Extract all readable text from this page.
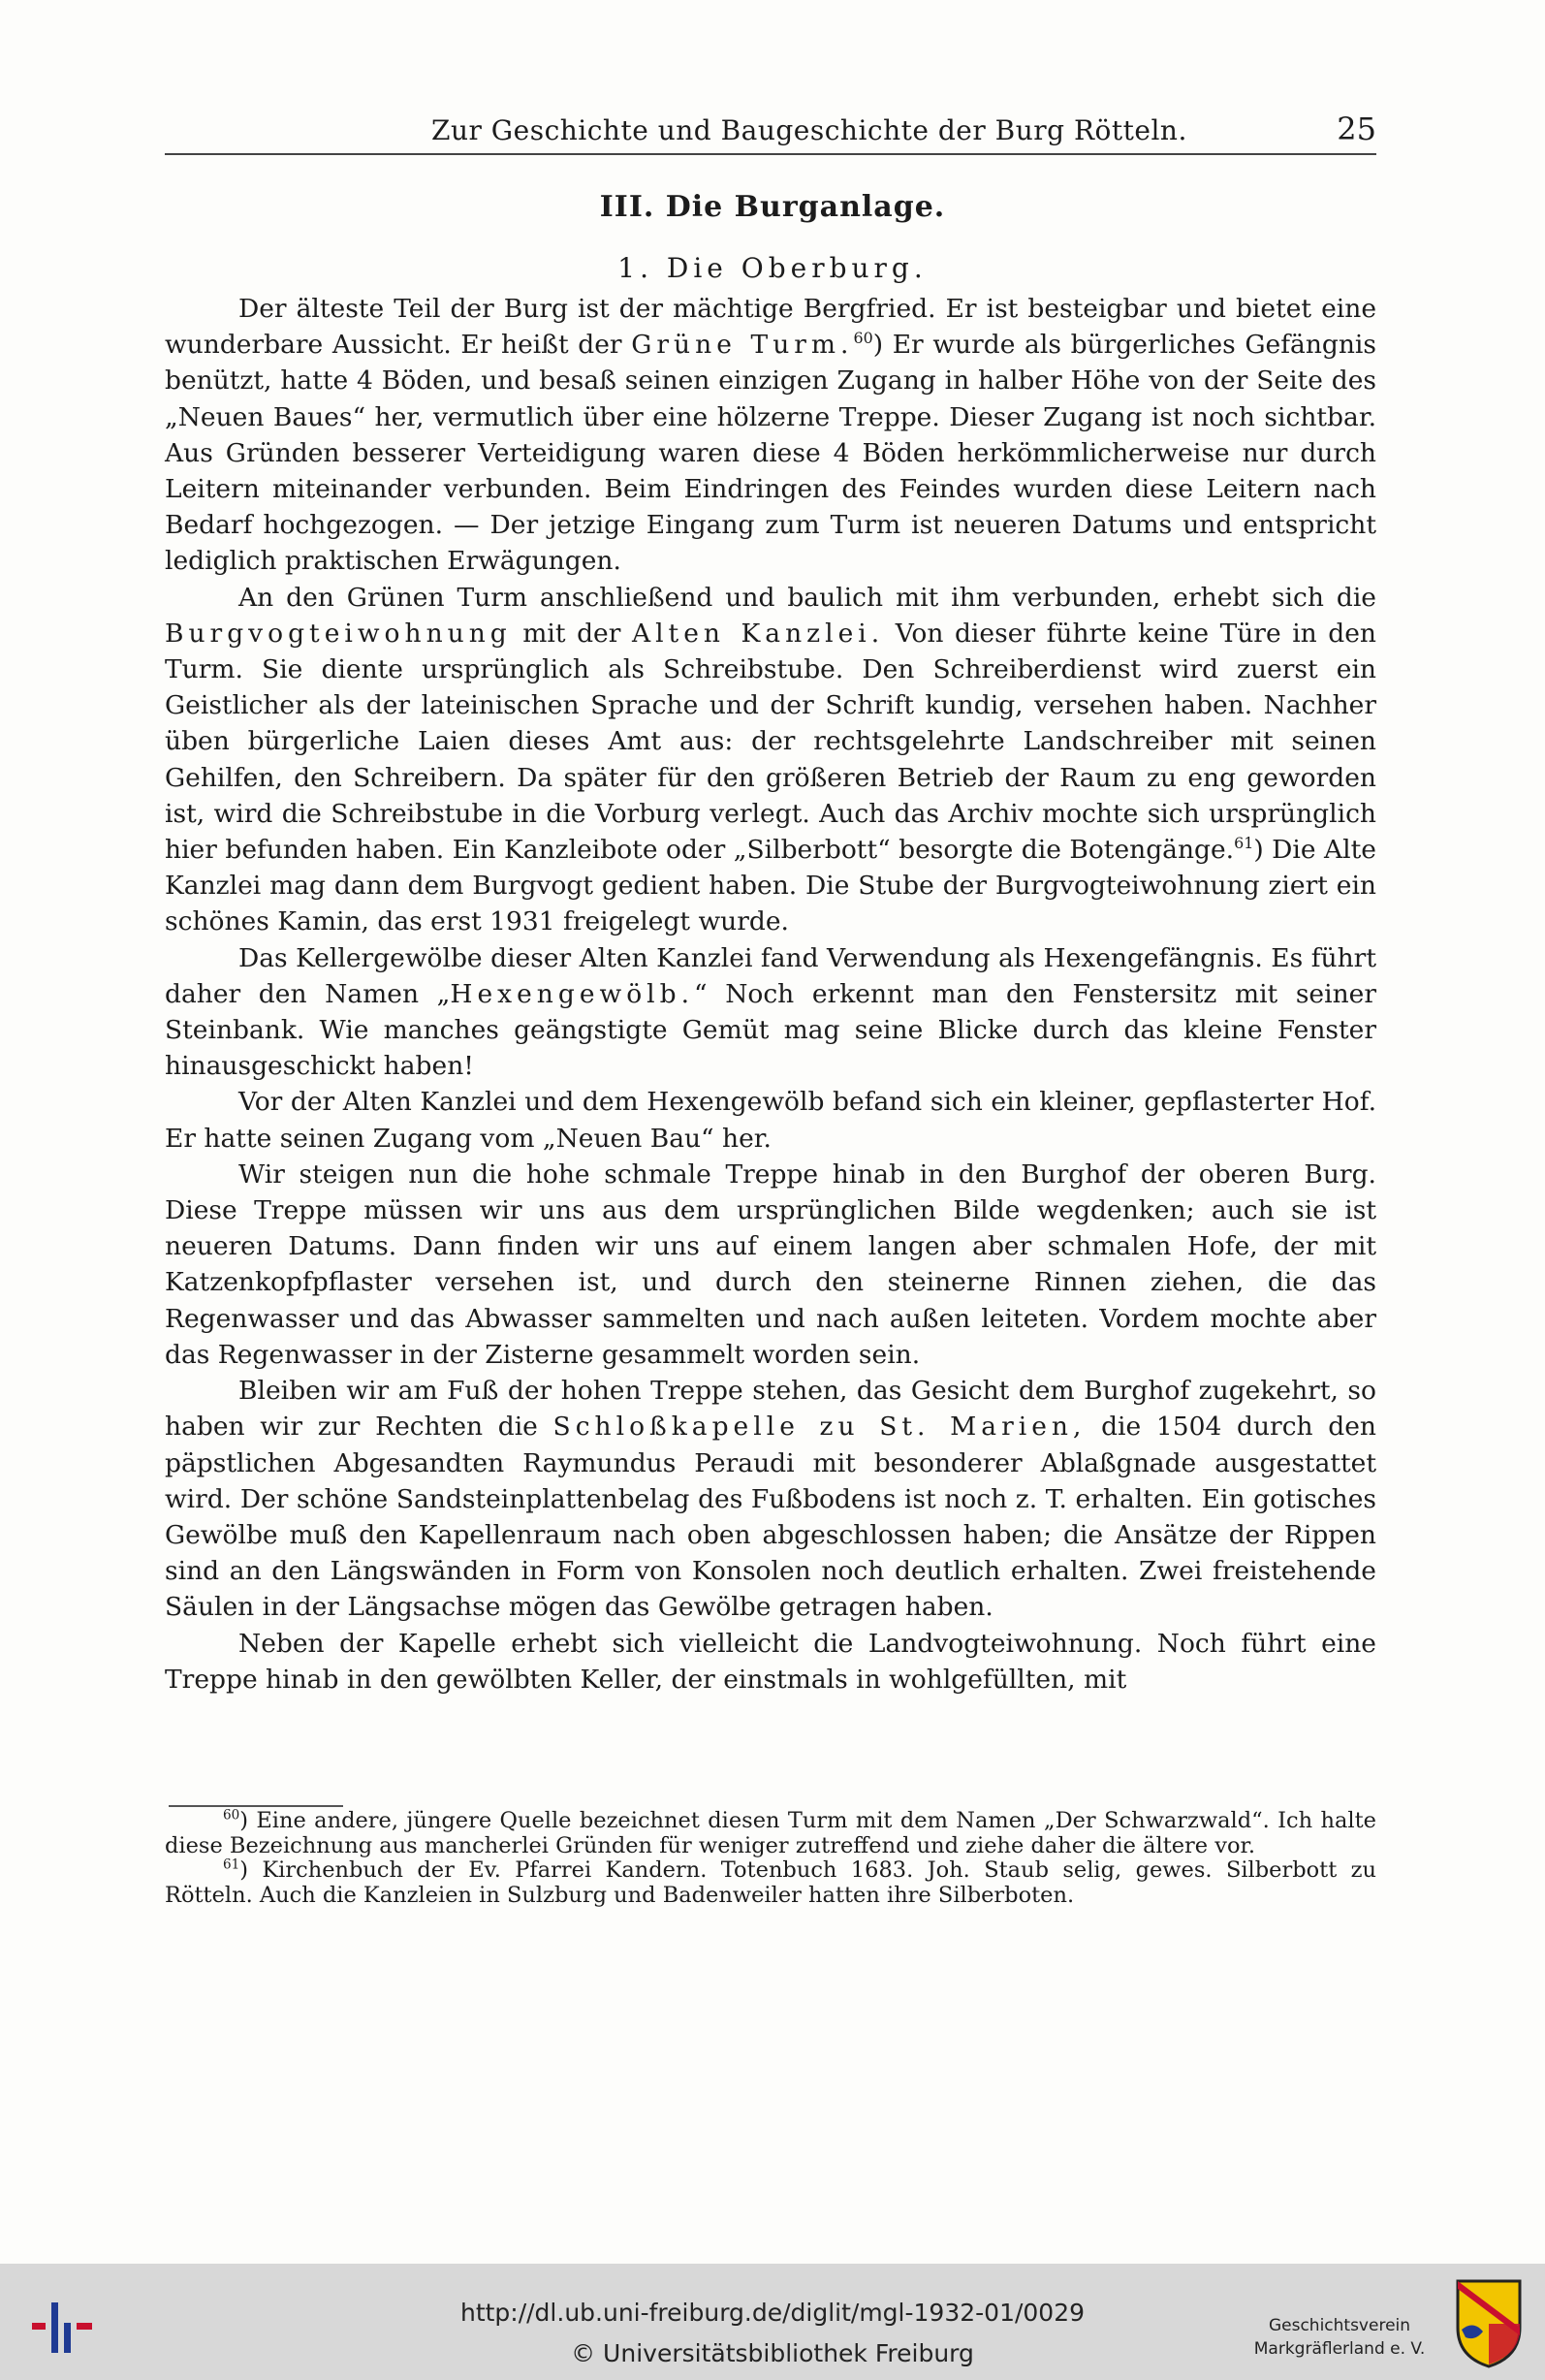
Zur Geschichte und Baugeschichte der Burg Rötteln.	25
III. Die Burganlage.
1. Die Oberburg.

Der älteste Teil der Burg ist der mächtige Bergfried. Er ist besteigbar und bietet eine wunderbare Aussicht. Er heißt der Grüne Turm.$^{60}$) Er wurde als bürgerliches Gefängnis benützt, hatte 4 Böden, und besaß seinen einzigen Zugang in halber Höhe von der Seite des „Neuen Baues“ her, vermutlich über eine hölzerne Treppe. Dieser Zugang ist noch sichtbar. Aus Gründen besserer Verteidigung waren diese 4 Böden herkömmlicherweise nur durch Leitern miteinander verbunden. Beim Eindringen des Feindes wurden diese Leitern nach Bedarf hochgezogen. — Der jetzige Eingang zum Turm ist neueren Datums und entspricht lediglich praktischen Erwägungen.

An den Grünen Turm anschließend und baulich mit ihm verbunden, erhebt sich die Burgvogteiwohnung mit der Alten Kanzlei. Von dieser führte keine Türe in den Turm. Sie diente ursprünglich als Schreibstube. Den Schreiberdienst wird zuerst ein Geistlicher als der lateinischen Sprache und der Schrift kundig, versehen haben. Nachher üben bürgerliche Laien dieses Amt aus: der rechtsgelehrte Landschreiber mit seinen Gehilfen, den Schreibern. Da später für den größeren Betrieb der Raum zu eng geworden ist, wird die Schreibstube in die Vorburg verlegt. Auch das Archiv mochte sich ursprünglich hier befunden haben. Ein Kanzleibote oder „Silberbott“ besorgte die Botengänge.$^{61}$) Die Alte Kanzlei mag dann dem Burgvogt gedient haben. Die Stube der Burgvogteiwohnung ziert ein schönes Kamin, das erst 1931 freigelegt wurde.

Das Kellergewölbe dieser Alten Kanzlei fand Verwendung als Hexengefängnis. Es führt daher den Namen „Hexengewölb.“ Noch erkennt man den Fenstersitz mit seiner Steinbank. Wie manches geängstigte Gemüt mag seine Blicke durch das kleine Fenster hinausgeschickt haben!

Vor der Alten Kanzlei und dem Hexengewölb befand sich ein kleiner, gepflasterter Hof. Er hatte seinen Zugang vom „Neuen Bau“ her.

Wir steigen nun die hohe schmale Treppe hinab in den Burghof der oberen Burg. Diese Treppe müssen wir uns aus dem ursprünglichen Bilde wegdenken; auch sie ist neueren Datums. Dann finden wir uns auf einem langen aber schmalen Hofe, der mit Katzenkopfpflaster versehen ist, und durch den steinerne Rinnen ziehen, die das Regenwasser und das Abwasser sammelten und nach außen leiteten. Vordem mochte aber das Regenwasser in der Zisterne gesammelt worden sein.

Bleiben wir am Fuß der hohen Treppe stehen, das Gesicht dem Burghof zugekehrt, so haben wir zur Rechten die Schloßkapelle zu St. Marien, die 1504 durch den päpstlichen Abgesandten Raymundus Peraudi mit besonderer Ablaßgnade ausgestattet wird. Der schöne Sandsteinplattenbelag des Fußbodens ist noch z. T. erhalten. Ein gotisches Gewölbe muß den Kapellenraum nach oben abgeschlossen haben; die Ansätze der Rippen sind an den Längswänden in Form von Konsolen noch deutlich erhalten. Zwei freistehende Säulen in der Längsachse mögen das Gewölbe getragen haben.

Neben der Kapelle erhebt sich vielleicht die Landvogteiwohnung. Noch führt eine Treppe hinab in den gewölbten Keller, der einstmals in wohlgefüllten, mit

$^{60}$) Eine andere, jüngere Quelle bezeichnet diesen Turm mit dem Namen „Der Schwarzwald“. Ich halte diese Bezeichnung aus mancherlei Gründen für weniger zutreffend und ziehe daher die ältere vor.

$^{61}$) Kirchenbuch der Ev. Pfarrei Kandern. Totenbuch 1683. Joh. Staub selig, gewes. Silberbott zu Rötteln. Auch die Kanzleien in Sulzburg und Badenweiler hatten ihre Silberboten.

http://dl.ub.uni-freiburg.de/diglit/mgl-1932-01/0029
© Universitätsbibliothek Freiburg
Geschichtsverein
Markgräflerland e. V.
